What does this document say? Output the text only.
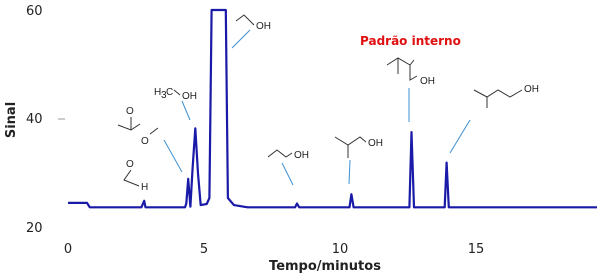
20
40
60
Sinal
0	5	10	15
Tempo/minutos
O
H
O
O
H 3 C OH
OH
OH
OH
Padrão interno
OH
OH
